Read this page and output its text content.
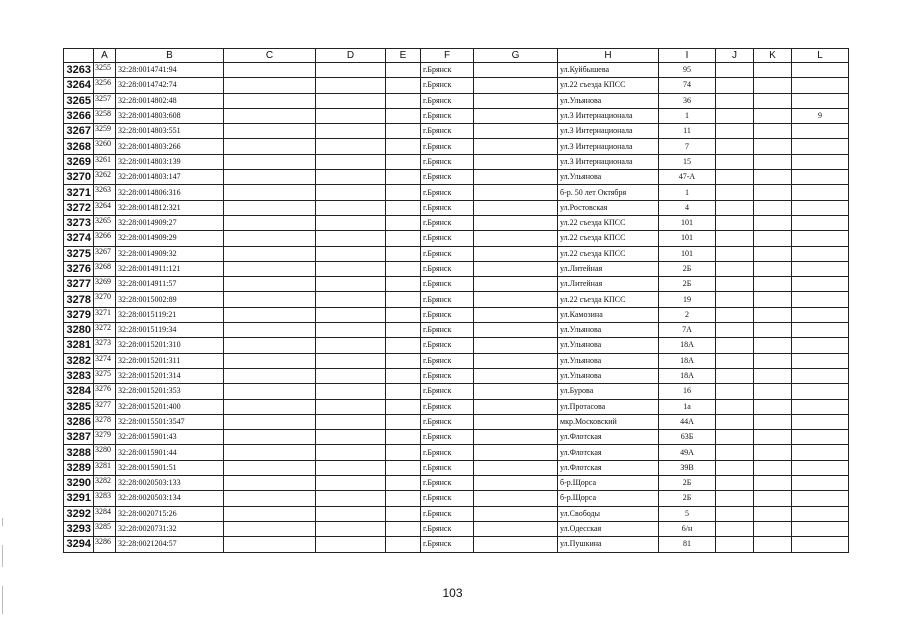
	A	B	C	D	E	F	G	H	I	J	K	L
3263	3255	32:28:0014741:94				г.Брянск		ул.Куйбышева	95			
3264	3256	32:28:0014742:74				г.Брянск		ул.22 съезда КПСС	74			
3265	3257	32:28:0014802:48				г.Брянск		ул.Ульянова	36			
3266	3258	32:28:0014803:608				г.Брянск		ул.3 Интернационала	1			9
3267	3259	32:28:0014803:551				г.Брянск		ул.3 Интернационала	11			
3268	3260	32:28:0014803:266				г.Брянск		ул.3 Интернационала	7			
3269	3261	32:28:0014803:139				г.Брянск		ул.3 Интернационала	15			
3270	3262	32:28:0014803:147				г.Брянск		ул.Ульянова	47-А			
3271	3263	32:28:0014806:316				г.Брянск		б-р. 50 лет Октября	1			
3272	3264	32:28:0014812:321				г.Брянск		ул.Ростовская	4			
3273	3265	32:28:0014909:27				г.Брянск		ул.22 съезда КПСС	101			
3274	3266	32:28:0014909:29				г.Брянск		ул.22 съезда КПСС	101			
3275	3267	32:28:0014909:32				г.Брянск		ул.22 съезда КПСС	101			
3276	3268	32:28:0014911:121				г.Брянск		ул.Литейная	2Б			
3277	3269	32:28:0014911:57				г.Брянск		ул.Литейная	2Б			
3278	3270	32:28:0015002:89				г.Брянск		ул.22 съезда КПСС	19			
3279	3271	32:28:0015119:21				г.Брянск		ул.Камозина	2			
3280	3272	32:28:0015119:34				г.Брянск		ул.Ульянова	7А			
3281	3273	32:28:0015201:310				г.Брянск		ул.Ульянова	18А			
3282	3274	32:28:0015201:311				г.Брянск		ул.Ульянова	18А			
3283	3275	32:28:0015201:314				г.Брянск		ул.Ульянова	18А			
3284	3276	32:28:0015201:353				г.Брянск		ул.Бурова	16			
3285	3277	32:28:0015201:400				г.Брянск		ул.Протасова	1а			
3286	3278	32:28:0015501:3547				г.Брянск		мкр.Московский	44А			
3287	3279	32:28:0015901:43				г.Брянск		ул.Флотская	63Б			
3288	3280	32:28:0015901:44				г.Брянск		ул.Флотская	49А			
3289	3281	32:28:0015901:51				г.Брянск		ул.Флотская	39В			
3290	3282	32:28:0020503:133				г.Брянск		б-р.Щорса	2Б			
3291	3283	32:28:0020503:134				г.Брянск		б-р.Щорса	2Б			
3292	3284	32:28:0020715:26				г.Брянск		ул.Свободы	5			
3293	3285	32:28:0020731:32				г.Брянск		ул.Одесская	6/н			
3294	3286	32:28:0021204:57				г.Брянск		ул.Пушкина	81			
103
